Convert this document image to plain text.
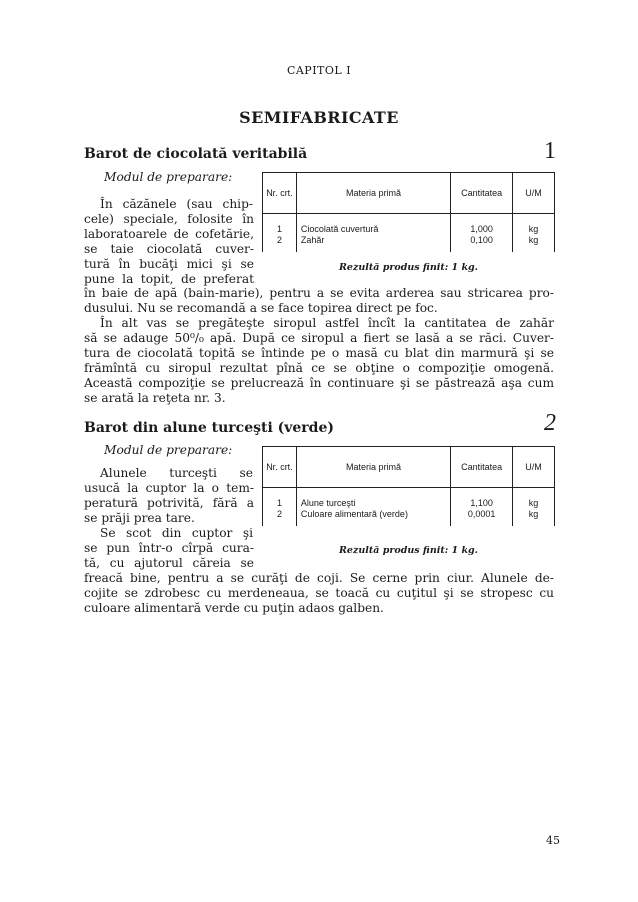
CAPITOL I
SEMIFABRICATE
Barot de ciocolată veritabilă	1
Modul de preparare:
În căzănele (sau chip-
cele) speciale, folosite în
laboratoarele de cofetărie,
se taie ciocolată cuver-
tură în bucăţi mici şi se
pune la topit, de preferat
în baie de apă (bain-marie), pentru a se evita arderea sau stricarea pro-
dusului. Nu se recomandă a se face topirea direct pe foc.
În alt vas se pregăteşte siropul astfel încît la cantitatea de zahăr
să se adauge 50⁰/₀ apă. După ce siropul a fiert se lasă a se răci. Cuver-
tura de ciocolată topită se întinde pe o masă cu blat din marmură şi se
frămîntă cu siropul rezultat pînă ce se obţine o compoziţie omogenă.
Această compoziţie se prelucrează în continuare şi se păstrează aşa cum
se arată la reţeta nr. 3.
Nr. crt.	Materia primă	Cantitatea	U/M
1	Ciocolată cuvertură	1,000	kg
2	Zahăr	0,100	kg
Rezultă produs finit: 1 kg.
Barot din alune turceşti (verde)	2
Modul de preparare:
Alunele turceşti se
usucă la cuptor la o tem-
peratură potrivită, fără a
se prăji prea tare.
Se scot din cuptor şi
se pun într-o cîrpă cura-
tă, cu ajutorul căreia se
freacă bine, pentru a se curăţi de coji. Se cerne prin ciur. Alunele de-
cojite se zdrobesc cu merdeneaua, se toacă cu cuţitul şi se stropesc cu
culoare alimentară verde cu puţin adaos galben.
Nr. crt.	Materia primă	Cantitatea	U/M
1	Alune turceşti	1,100	kg
2	Culoare alimentară (verde)	0,0001	kg
Rezultă produs finit: 1 kg.
45
